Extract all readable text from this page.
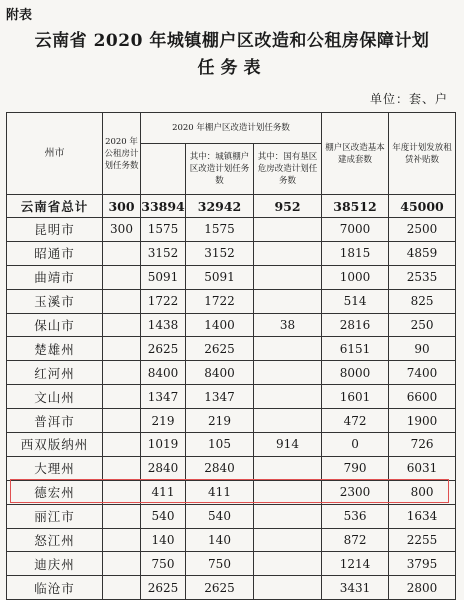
附表
云南省 2020 年城镇棚户区改造和公租房保障计划
任务表
单位：套、户
州市	2020 年公租房计划任务数	2020 年棚户区改造计划任务数			棚户区改造基本建成套数	年度计划发放租赁补贴数
			其中：城镇棚户区改造计划任务数	其中：国有垦区危房改造计划任务数		
云南省总计	300	33894	32942	952	38512	45000
昆明市	300	1575	1575		7000	2500
昭通市		3152	3152		1815	4859
曲靖市		5091	5091		1000	2535
玉溪市		1722	1722		514	825
保山市		1438	1400	38	2816	250
楚雄州		2625	2625		6151	90
红河州		8400	8400		8000	7400
文山州		1347	1347		1601	6600
普洱市		219	219		472	1900
西双版纳州		1019	105	914	0	726
大理州		2840	2840		790	6031
德宏州		411	411		2300	800
丽江市		540	540		536	1634
怒江州		140	140		872	2255
迪庆州		750	750		1214	3795
临沧市		2625	2625		3431	2800
